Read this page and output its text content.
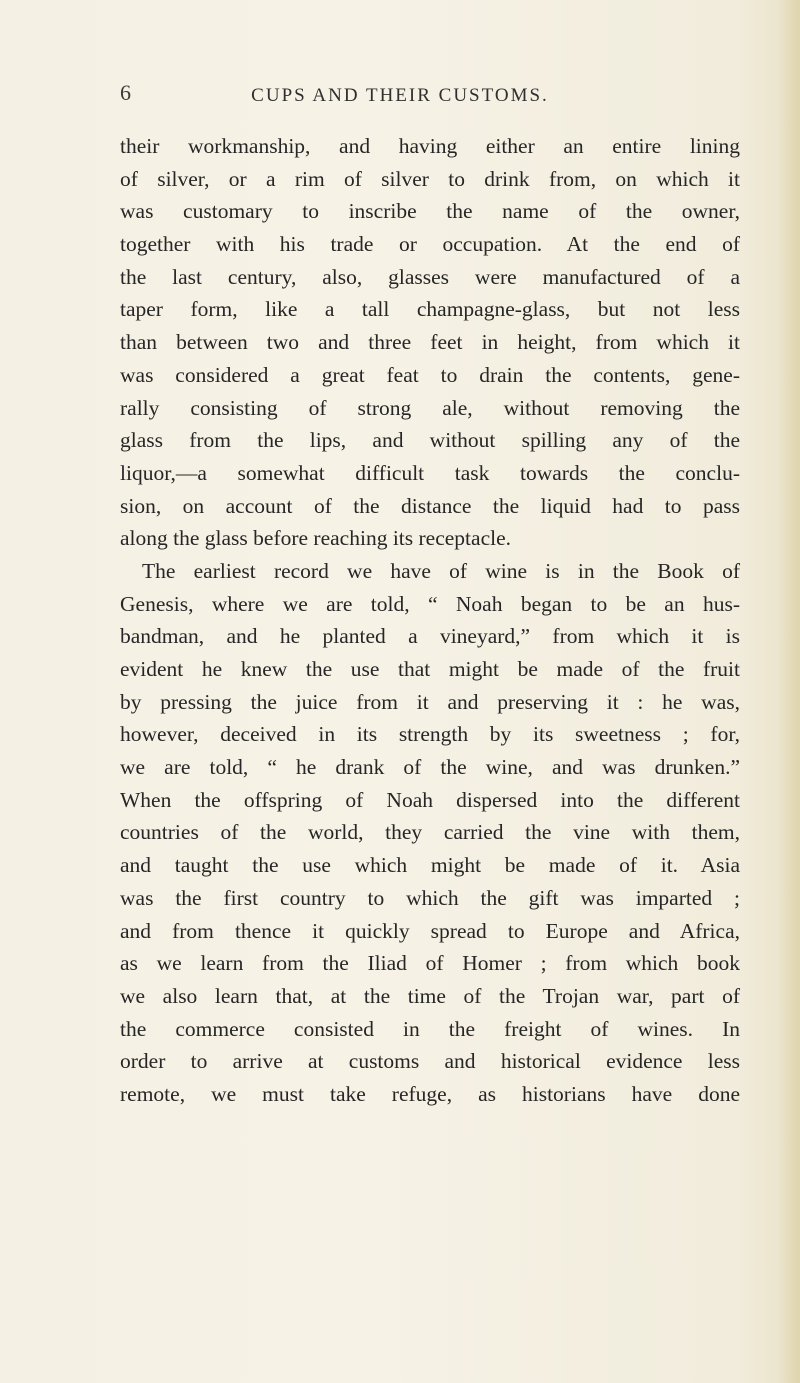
6	CUPS AND THEIR CUSTOMS.
their workmanship, and having either an entire lining
of silver, or a rim of silver to drink from, on which it
was customary to inscribe the name of the owner,
together with his trade or occupation. At the end of
the last century, also, glasses were manufactured of a
taper form, like a tall champagne-glass, but not less
than between two and three feet in height, from which it
was considered a great feat to drain the contents, gene-
rally consisting of strong ale, without removing the
glass from the lips, and without spilling any of the
liquor,—a somewhat difficult task towards the conclu-
sion, on account of the distance the liquid had to pass
along the glass before reaching its receptacle.
The earliest record we have of wine is in the Book of
Genesis, where we are told, “ Noah began to be an hus-
bandman, and he planted a vineyard,” from which it is
evident he knew the use that might be made of the fruit
by pressing the juice from it and preserving it : he was,
however, deceived in its strength by its sweetness ; for,
we are told, “ he drank of the wine, and was drunken.”
When the offspring of Noah dispersed into the different
countries of the world, they carried the vine with them,
and taught the use which might be made of it. Asia
was the first country to which the gift was imparted ;
and from thence it quickly spread to Europe and Africa,
as we learn from the Iliad of Homer ; from which book
we also learn that, at the time of the Trojan war, part of
the commerce consisted in the freight of wines. In
order to arrive at customs and historical evidence less
remote, we must take refuge, as historians have done
